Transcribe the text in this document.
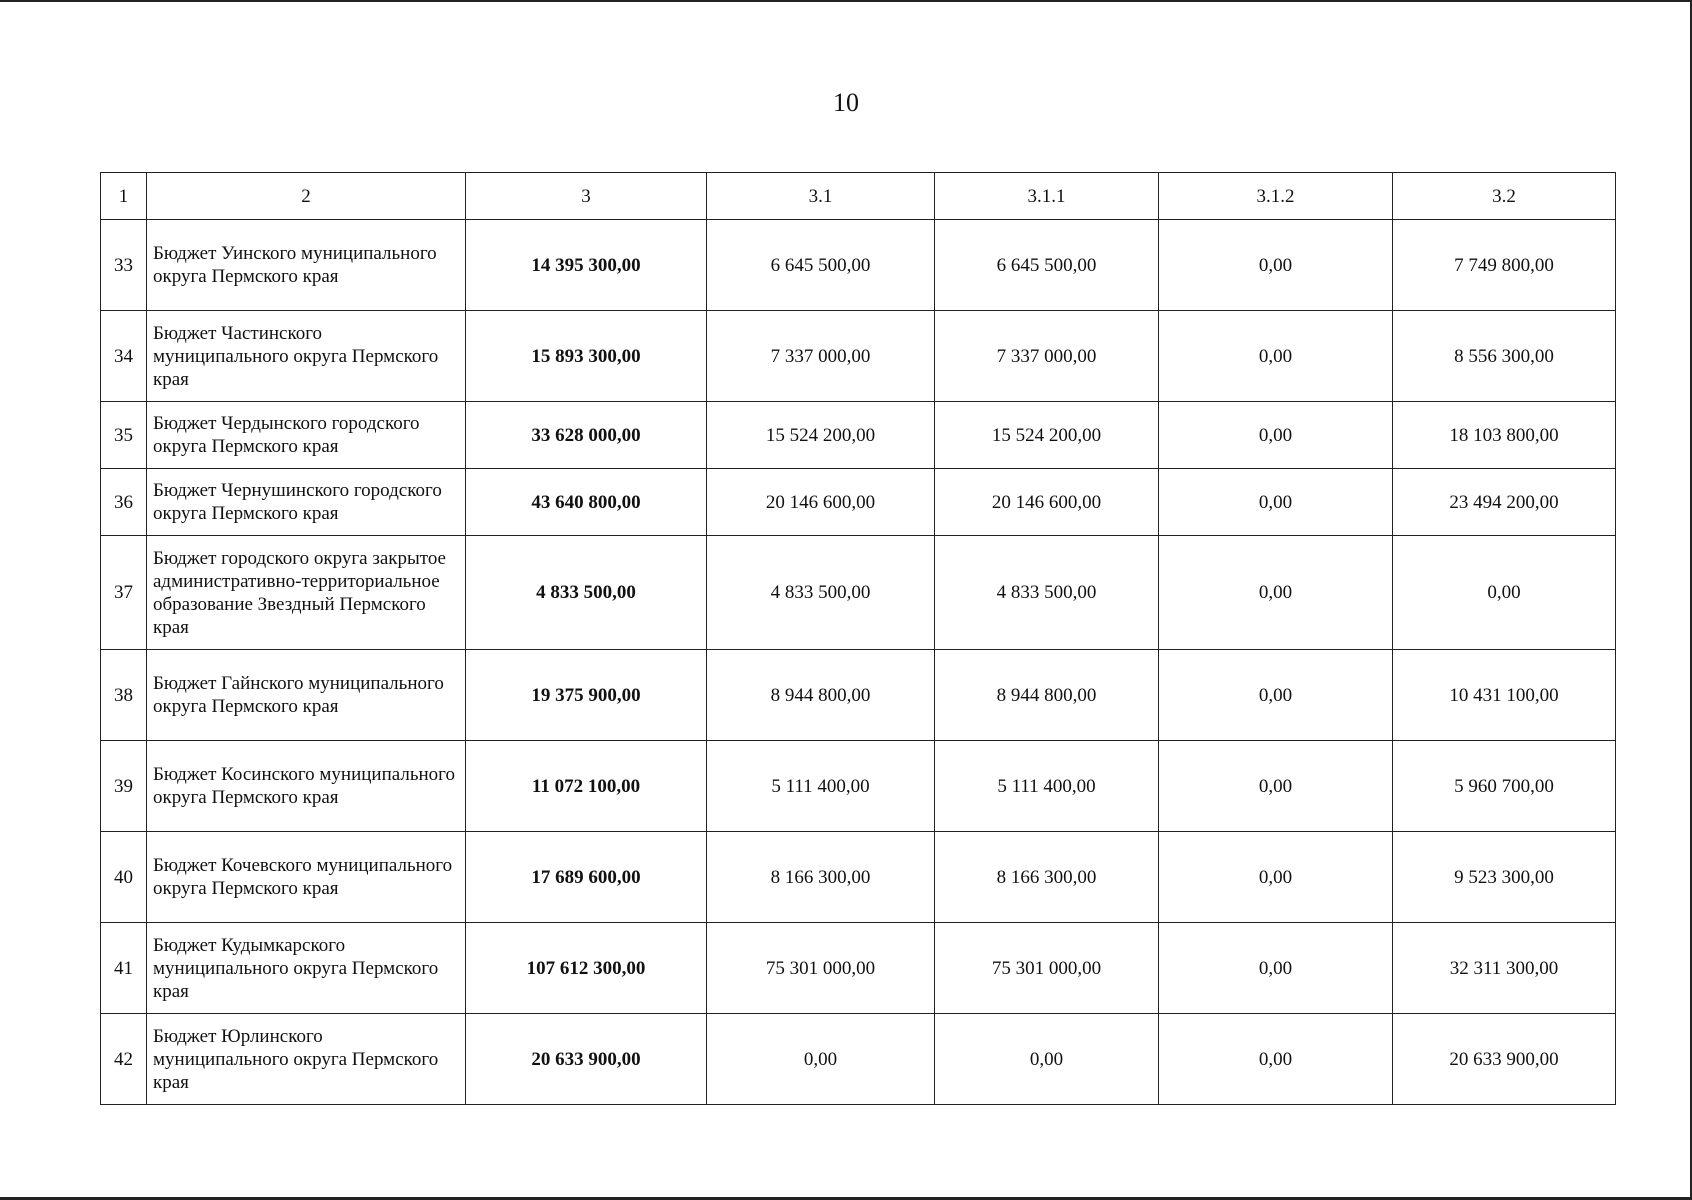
10
1	2	3	3.1	3.1.1	3.1.2	3.2
33	Бюджет Уинского муниципального округа Пермского края	14 395 300,00	6 645 500,00	6 645 500,00	0,00	7 749 800,00
34	Бюджет Частинского муниципального округа Пермского края	15 893 300,00	7 337 000,00	7 337 000,00	0,00	8 556 300,00
35	Бюджет Чердынского городского округа Пермского края	33 628 000,00	15 524 200,00	15 524 200,00	0,00	18 103 800,00
36	Бюджет Чернушинского городского округа Пермского края	43 640 800,00	20 146 600,00	20 146 600,00	0,00	23 494 200,00
37	Бюджет городского округа закрытое административно-территориальное образование Звездный Пермского края	4 833 500,00	4 833 500,00	4 833 500,00	0,00	0,00
38	Бюджет Гайнского муниципального округа Пермского края	19 375 900,00	8 944 800,00	8 944 800,00	0,00	10 431 100,00
39	Бюджет Косинского муниципального округа Пермского края	11 072 100,00	5 111 400,00	5 111 400,00	0,00	5 960 700,00
40	Бюджет Кочевского муниципального округа Пермского края	17 689 600,00	8 166 300,00	8 166 300,00	0,00	9 523 300,00
41	Бюджет Кудымкарского муниципального округа Пермского края	107 612 300,00	75 301 000,00	75 301 000,00	0,00	32 311 300,00
42	Бюджет Юрлинского муниципального округа Пермского края	20 633 900,00	0,00	0,00	0,00	20 633 900,00
